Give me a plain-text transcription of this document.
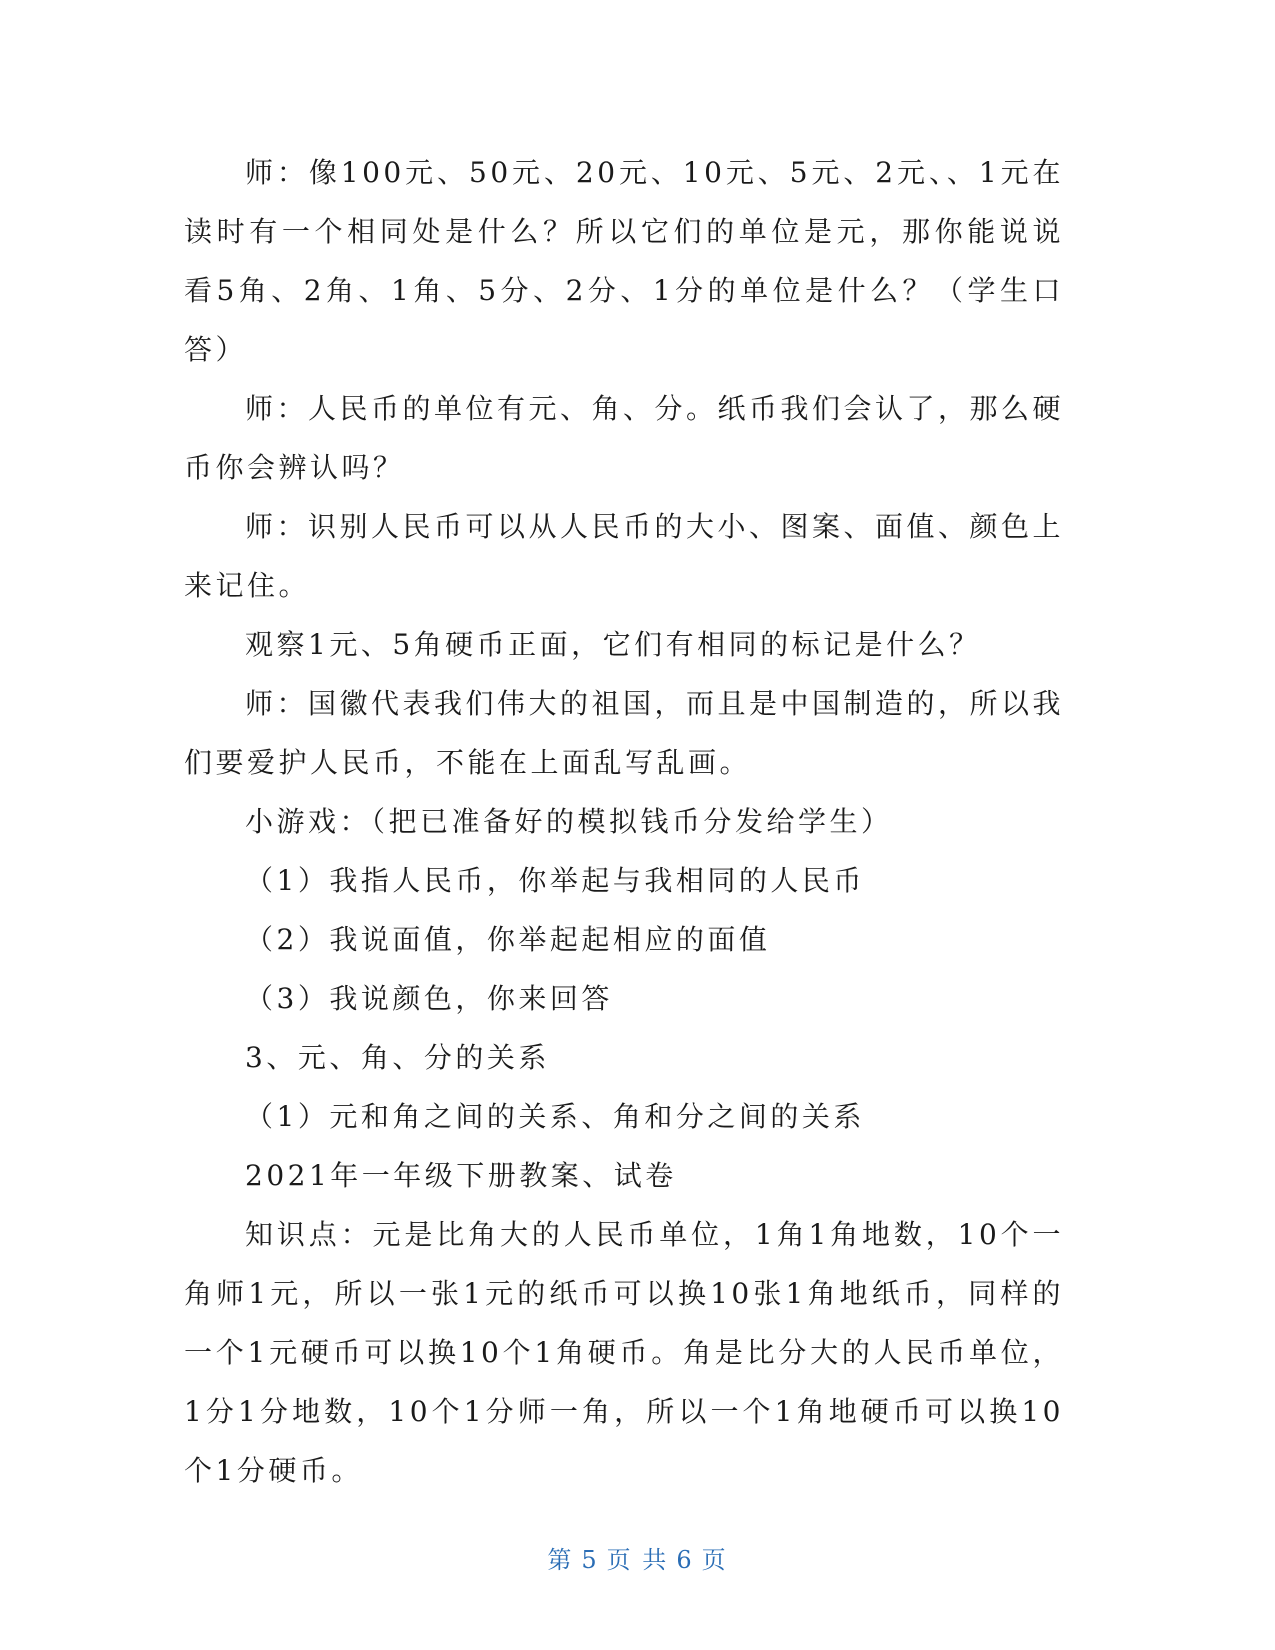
师：像100元、50元、20元、10元、5元、2元、、1元在读时有一个相同处是什么？所以它们的单位是元，那你能说说看5角、2角、1角、5分、2分、1分的单位是什么？（学生口答）

师：人民币的单位有元、角、分。纸币我们会认了，那么硬币你会辨认吗？

师：识别人民币可以从人民币的大小、图案、面值、颜色上来记住。

观察1元、5角硬币正面，它们有相同的标记是什么？

师：国徽代表我们伟大的祖国，而且是中国制造的，所以我们要爱护人民币，不能在上面乱写乱画。

小游戏：（把已准备好的模拟钱币分发给学生）

（1）我指人民币，你举起与我相同的人民币

（2）我说面值，你举起起相应的面值

（3）我说颜色，你来回答

3、元、角、分的关系

（1）元和角之间的关系、角和分之间的关系

2021年一年级下册教案、试卷

知识点：元是比角大的人民币单位，1角1角地数，10个一角师1元，所以一张1元的纸币可以换10张1角地纸币，同样的一个1元硬币可以换10个1角硬币。角是比分大的人民币单位，1分1分地数，10个1分师一角，所以一个1角地硬币可以换10个1分硬币。

第 5 页 共 6 页
